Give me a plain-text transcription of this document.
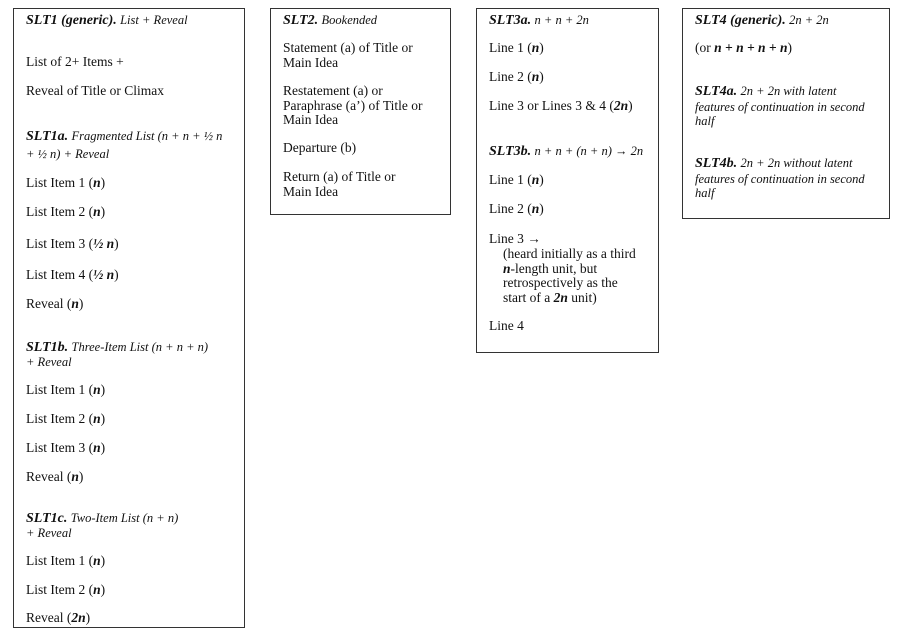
SLT1 (generic). List + Reveal
List of 2+ Items +
Reveal of Title or Climax
SLT1a. Fragmented List (n + n + ½ n
+ ½ n) + Reveal
List Item 1 (n)
List Item 2 (n)
List Item 3 (½ n)
List Item 4 (½ n)
Reveal (n)
SLT1b. Three-Item List (n + n + n)
+ Reveal
List Item 1 (n)
List Item 2 (n)
List Item 3 (n)
Reveal (n)
SLT1c. Two-Item List (n + n)
+ Reveal
List Item 1 (n)
List Item 2 (n)
Reveal (2n)
SLT2. Bookended
Statement (a) of Title or
Main Idea
Restatement (a) or
Paraphrase (a’) of Title or
Main Idea
Departure (b)
Return (a) of Title or
Main Idea
SLT3a. n + n + 2n
Line 1 (n)
Line 2 (n)
Line 3 or Lines 3 & 4 (2n)
SLT3b. n + n + (n + n) → 2n
Line 1 (n)
Line 2 (n)
Line 3 →
(heard initially as a third
n-length unit, but
retrospectively as the
start of a 2n unit)
Line 4
SLT4 (generic). 2n + 2n
(or n + n + n + n)
SLT4a. 2n + 2n with latent
features of continuation in second
half
SLT4b. 2n + 2n without latent
features of continuation in second
half
